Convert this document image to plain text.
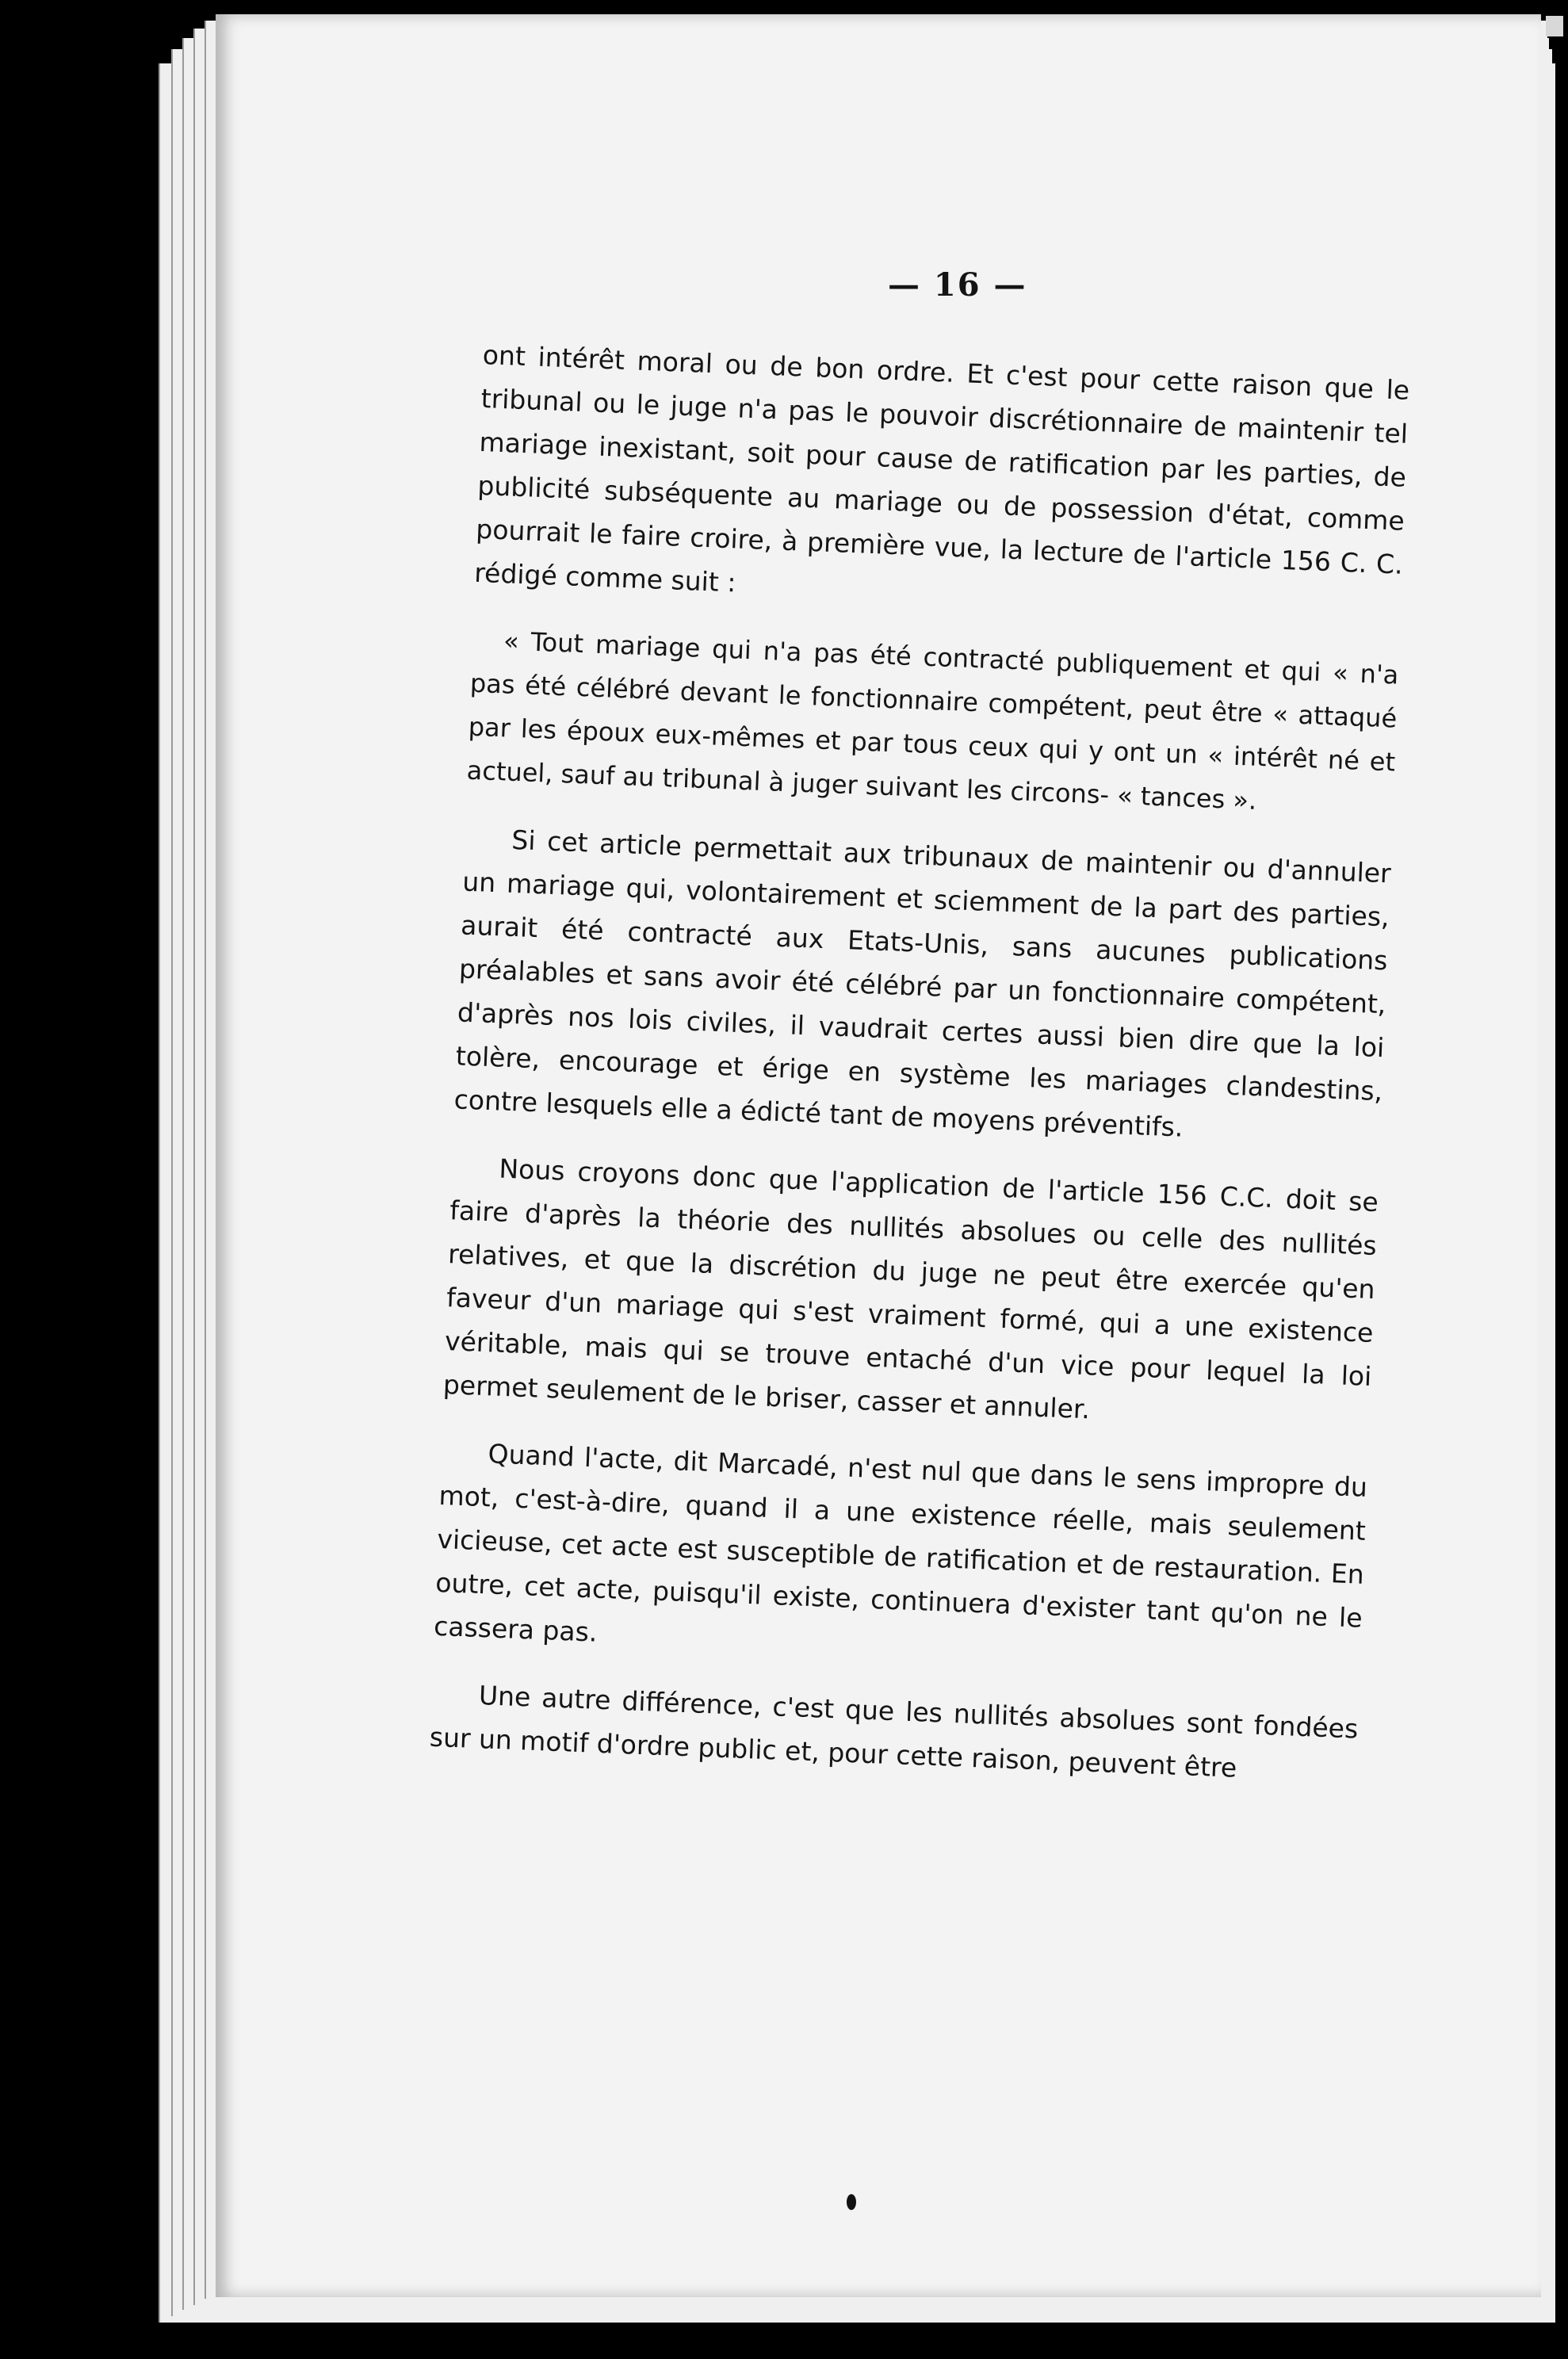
— 16 —

ont intérêt moral ou de bon ordre. Et c'est pour cette raison que le tribunal ou le juge n'a pas le pouvoir discrétionnaire de maintenir tel mariage inexistant, soit pour cause de ratification par les parties, de publicité subséquente au mariage ou de possession d'état, comme pourrait le faire croire, à première vue, la lecture de l'article 156 C. C. rédigé comme suit :

« Tout mariage qui n'a pas été contracté publiquement et qui « n'a pas été célébré devant le fonctionnaire compétent, peut être « attaqué par les époux eux-mêmes et par tous ceux qui y ont un « intérêt né et actuel, sauf au tribunal à juger suivant les circons- « tances ».

Si cet article permettait aux tribunaux de maintenir ou d'annuler un mariage qui, volontairement et sciemment de la part des parties, aurait été contracté aux Etats-Unis, sans aucunes publications préalables et sans avoir été célébré par un fonctionnaire compétent, d'après nos lois civiles, il vaudrait certes aussi bien dire que la loi tolère, encourage et érige en système les mariages clandestins, contre lesquels elle a édicté tant de moyens préventifs.

Nous croyons donc que l'application de l'article 156 C.C. doit se faire d'après la théorie des nullités absolues ou celle des nullités relatives, et que la discrétion du juge ne peut être exercée qu'en faveur d'un mariage qui s'est vraiment formé, qui a une existence véritable, mais qui se trouve entaché d'un vice pour lequel la loi permet seulement de le briser, casser et annuler.

Quand l'acte, dit Marcadé, n'est nul que dans le sens impropre du mot, c'est-à-dire, quand il a une existence réelle, mais seulement vicieuse, cet acte est susceptible de ratification et de restauration. En outre, cet acte, puisqu'il existe, continuera d'exister tant qu'on ne le cassera pas.

Une autre différence, c'est que les nullités absolues sont fondées sur un motif d'ordre public et, pour cette raison, peuvent être
